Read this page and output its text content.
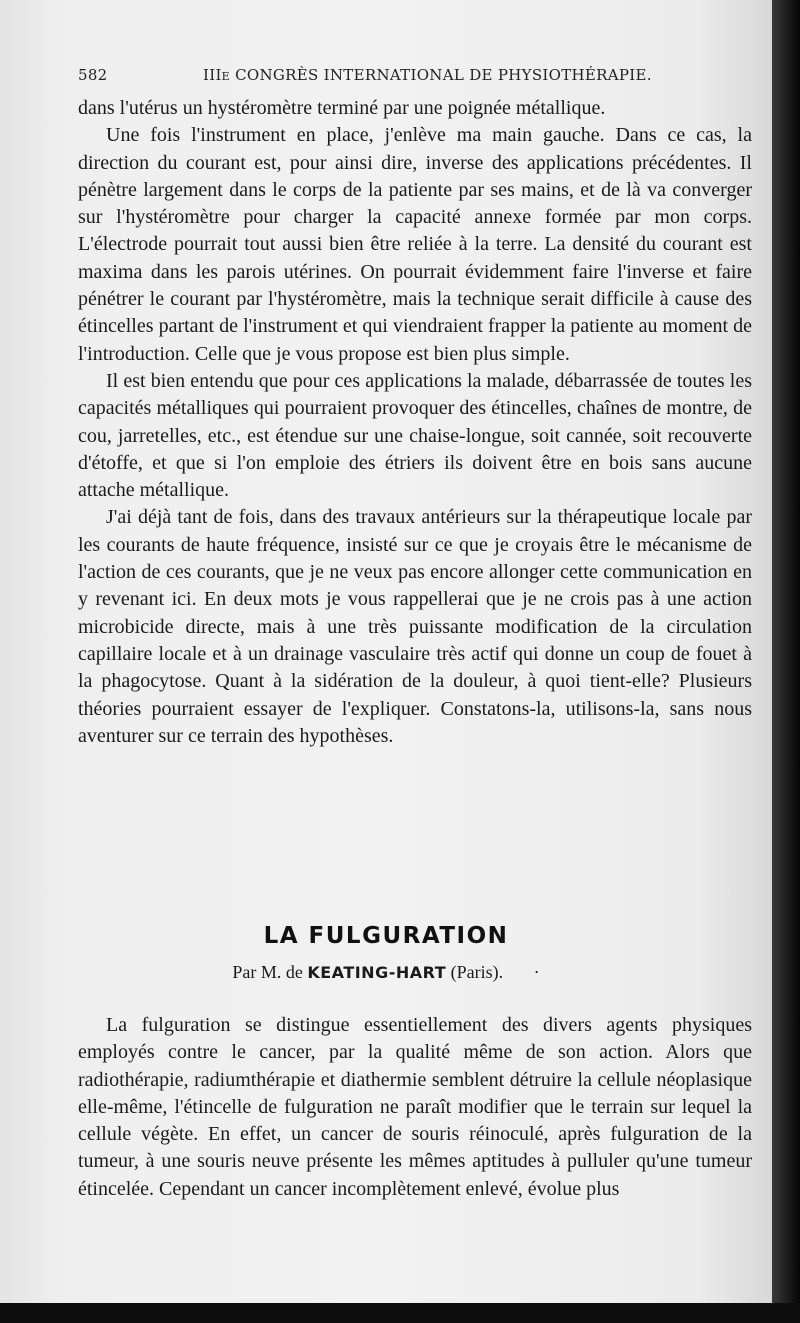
582	IIIe CONGRÈS INTERNATIONAL DE PHYSIOTHÉRAPIE.

dans l'utérus un hystéromètre terminé par une poignée métallique.

Une fois l'instrument en place, j'enlève ma main gauche. Dans ce cas, la direction du courant est, pour ainsi dire, inverse des applications précédentes. Il pénètre largement dans le corps de la patiente par ses mains, et de là va converger sur l'hystéromètre pour charger la capacité annexe formée par mon corps. L'électrode pourrait tout aussi bien être reliée à la terre. La densité du courant est maxima dans les parois utérines. On pourrait évidemment faire l'inverse et faire pénétrer le courant par l'hystéromètre, mais la technique serait difficile à cause des étincelles partant de l'instrument et qui viendraient frapper la patiente au moment de l'introduction. Celle que je vous propose est bien plus simple.

Il est bien entendu que pour ces applications la malade, débarrassée de toutes les capacités métalliques qui pourraient provoquer des étincelles, chaînes de montre, de cou, jarretelles, etc., est étendue sur une chaise-longue, soit cannée, soit recouverte d'étoffe, et que si l'on emploie des étriers ils doivent être en bois sans aucune attache métallique.

J'ai déjà tant de fois, dans des travaux antérieurs sur la thérapeutique locale par les courants de haute fréquence, insisté sur ce que je croyais être le mécanisme de l'action de ces courants, que je ne veux pas encore allonger cette communication en y revenant ici. En deux mots je vous rappellerai que je ne crois pas à une action microbicide directe, mais à une très puissante modification de la circulation capillaire locale et à un drainage vasculaire très actif qui donne un coup de fouet à la phagocytose. Quant à la sidération de la douleur, à quoi tient-elle? Plusieurs théories pourraient essayer de l'expliquer. Constatons-la, utilisons-la, sans nous aventurer sur ce terrain des hypothèses.

LA FULGURATION
Par M. de KEATING-HART (Paris). ·

La fulguration se distingue essentiellement des divers agents physiques employés contre le cancer, par la qualité même de son action. Alors que radiothérapie, radiumthérapie et diathermie semblent détruire la cellule néoplasique elle-même, l'étincelle de fulguration ne paraît modifier que le terrain sur lequel la cellule végète. En effet, un cancer de souris réinoculé, après fulguration de la tumeur, à une souris neuve présente les mêmes aptitudes à pulluler qu'une tumeur étincelée. Cependant un cancer incomplètement enlevé, évolue plus
